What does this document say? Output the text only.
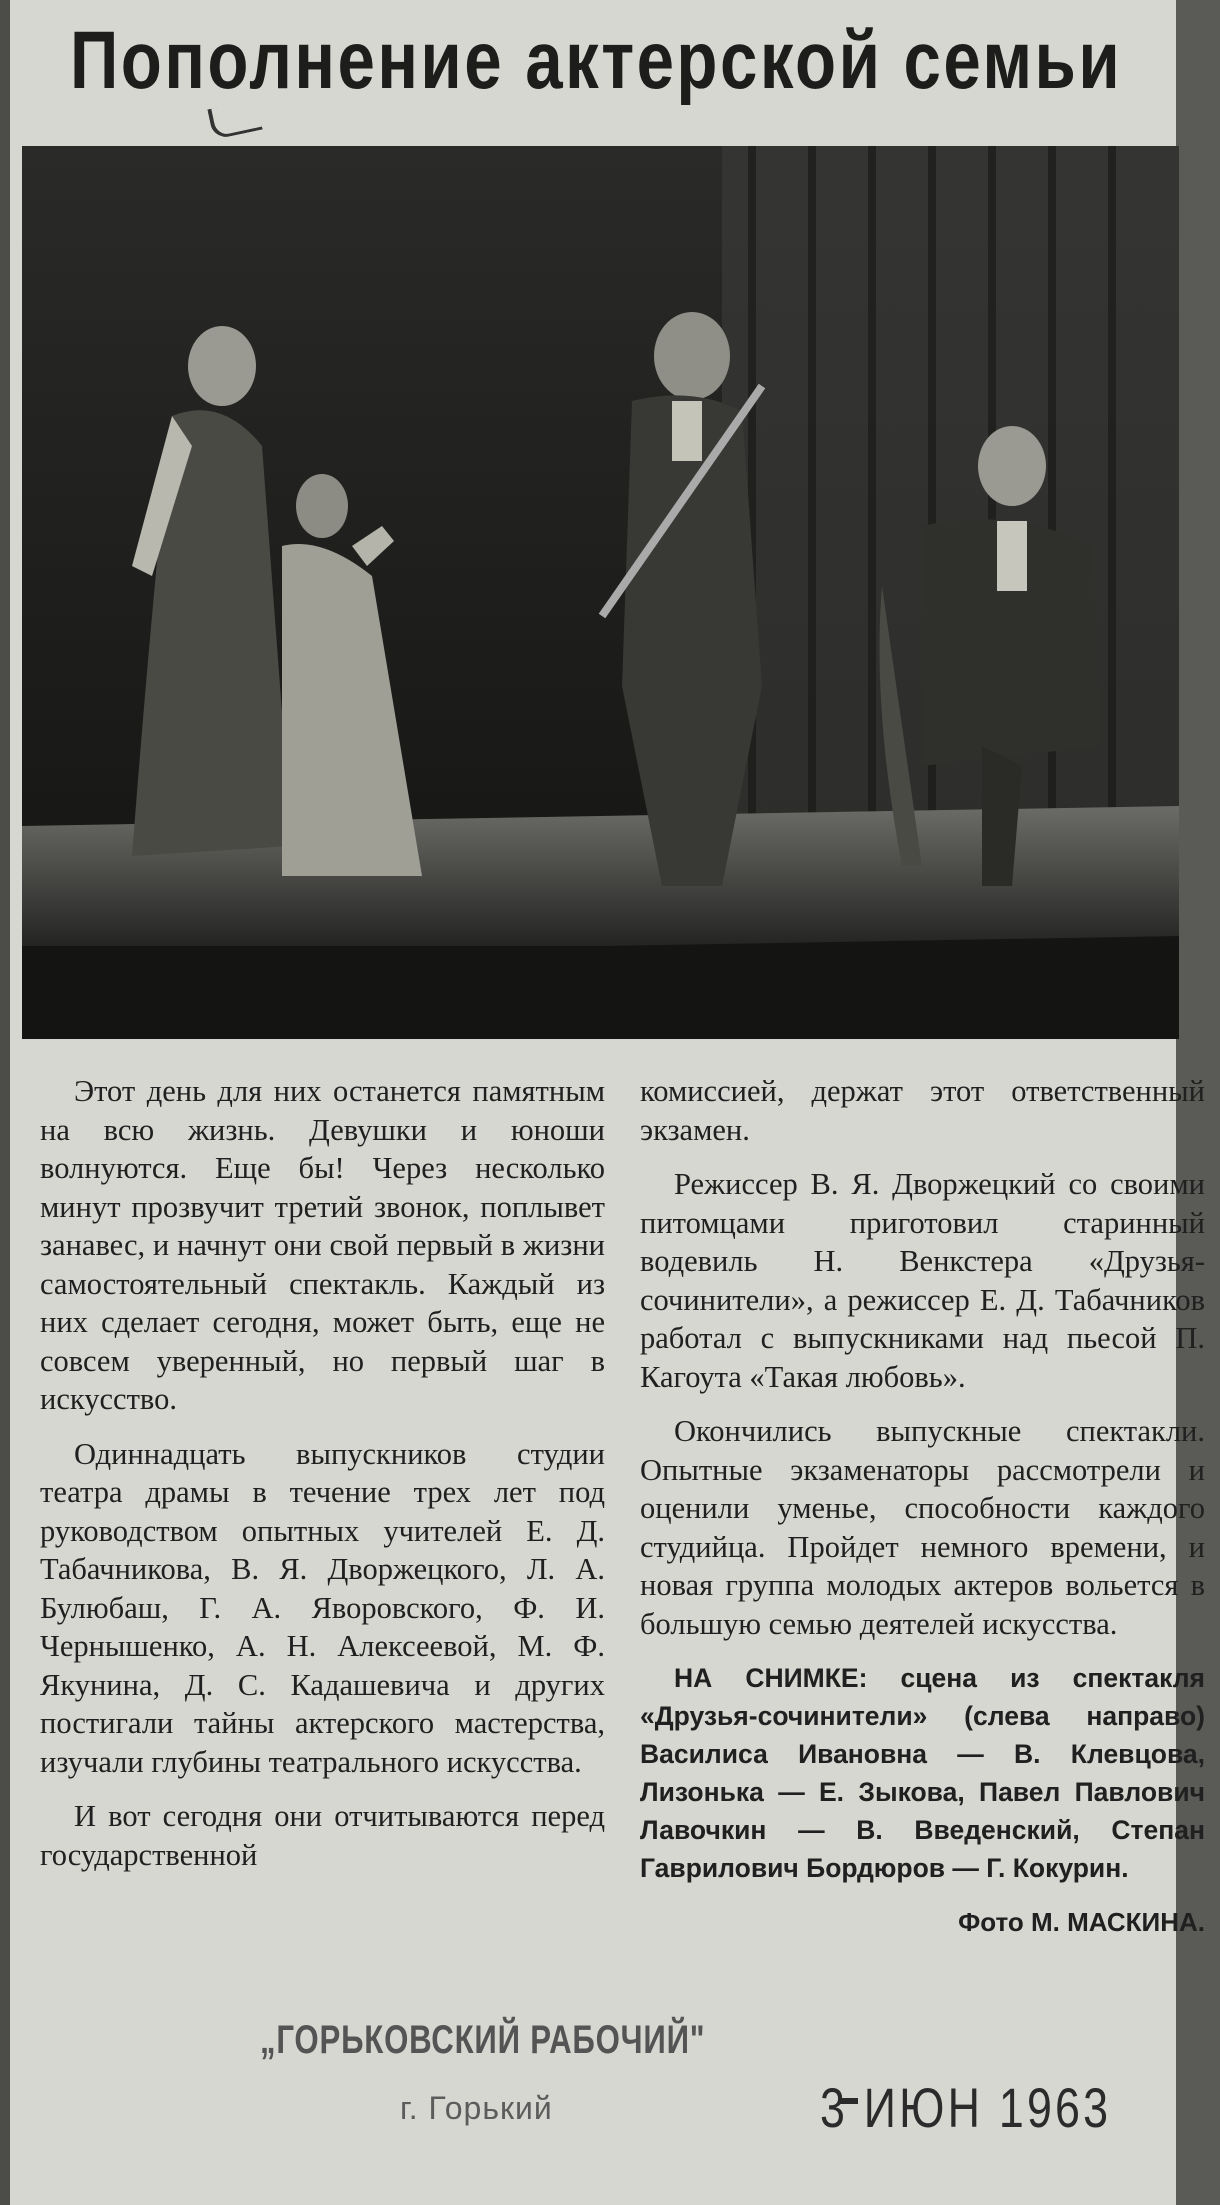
Пополнение актерской семьи

Этот день для них останется памятным на всю жизнь. Девушки и юноши волнуются. Еще бы! Через несколько минут прозвучит третий звонок, поплывет занавес, и начнут они свой первый в жизни самостоятельный спектакль. Каждый из них сделает сегодня, может быть, еще не совсем уверенный, но первый шаг в искусство.

Одиннадцать выпускников студии театра драмы в течение трех лет под руководством опытных учителей Е. Д. Табачникова, В. Я. Дворжецкого, Л. А. Булюбаш, Г. А. Яворовского, Ф. И. Чернышенко, А. Н. Алексеевой, М. Ф. Якунина, Д. С. Кадашевича и других постигали тайны актерского мастерства, изучали глубины театрального искусства.

И вот сегодня они отчитываются перед государственной

комиссией, держат этот ответственный экзамен.

Режиссер В. Я. Дворжецкий со своими питомцами приготовил старинный водевиль Н. Венкстера «Друзья-сочинители», а режиссер Е. Д. Табачников работал с выпускниками над пьесой П. Кагоута «Такая любовь».

Окончились выпускные спектакли. Опытные экзаменаторы рассмотрели и оценили уменье, способности каждого студийца. Пройдет немного времени, и новая группа молодых актеров вольется в большую семью деятелей искусства.

НА СНИМКЕ: сцена из спектакля «Друзья-сочинители» (слева направо) Василиса Ивановна — В. Клевцова, Лизонька — Е. Зыкова, Павел Павлович Лавочкин — В. Введенский, Степан Гаврилович Бордюров — Г. Кокурин.

Фото М. МАСКИНА.

„ГОРЬКОВСКИЙ РАБОЧИЙ"
г. Горький	3 ИЮН 1963
